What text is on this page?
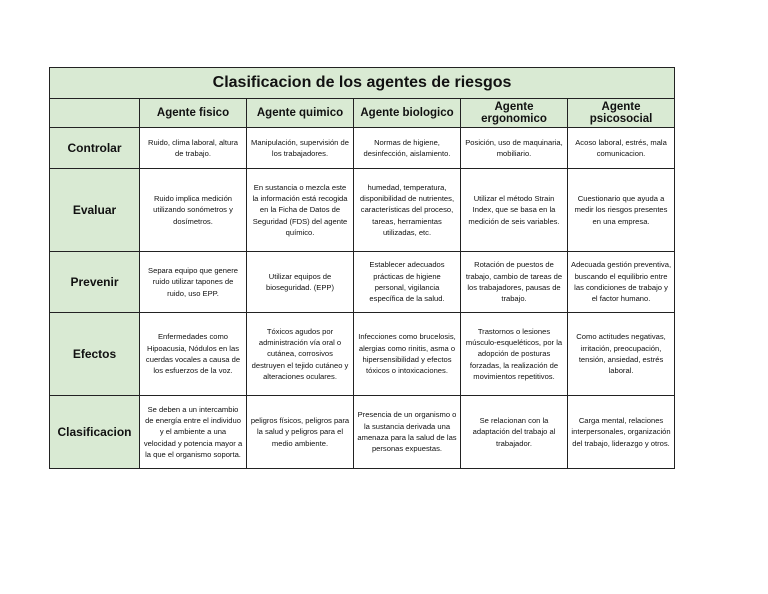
Clasificacion de los agentes de riesgos					
	Agente fisico	Agente quimico	Agente biologico	Agente ergonomico	Agente psicosocial
Controlar	Ruido, clima laboral, altura de trabajo.	Manipulación, supervisión de los trabajadores.	Normas de higiene, desinfección, aislamiento.	Posición, uso de maquinaria, mobiliario.	Acoso laboral, estrés, mala comunicacion.
Evaluar	Ruido implica medición utilizando sonómetros y dosímetros.	En sustancia o mezcla este la información está recogida en la Ficha de Datos de Seguridad (FDS) del agente químico.	humedad, temperatura, disponibilidad de nutrientes, características del proceso, tareas, herramientas utilizadas, etc.	Utilizar el método Strain Index, que se basa en la medición de seis variables.	Cuestionario que ayuda a medir los riesgos presentes en una empresa.
Prevenir	Separa equipo que genere ruido utilizar tapones de ruido, uso EPP.	Utilizar equipos de bioseguridad. (EPP)	Establecer adecuados prácticas de higiene personal, vigilancia específica de la salud.	Rotación de puestos de trabajo, cambio de tareas de los trabajadores, pausas de trabajo.	Adecuada gestión preventiva, buscando el equilibrio entre las condiciones de trabajo y el factor humano.
Efectos	Enfermedades como Hipoacusia, Nódulos en las cuerdas vocales a causa de los esfuerzos de la voz.	Tóxicos agudos por administración vía oral o cutánea, corrosivos destruyen el tejido cutáneo y alteraciones oculares.	Infecciones como brucelosis, alergias como rinitis, asma o hipersensibilidad y efectos tóxicos o intoxicaciones.	Trastornos o lesiones músculo-esqueléticos, por la adopción de posturas forzadas, la realización de movimientos repetitivos.	Como actitudes negativas, irritación, preocupación, tensión, ansiedad, estrés laboral.
Clasificacion	Se deben a un intercambio de energía entre el individuo y el ambiente a una velocidad y potencia mayor a la que el organismo soporta.	peligros físicos, peligros para la salud y peligros para el medio ambiente.	Presencia de un organismo o la sustancia derivada una amenaza para la salud de las personas expuestas.	Se relacionan con la adaptación del trabajo al trabajador.	Carga mental, relaciones interpersonales, organización del trabajo, liderazgo y otros.
